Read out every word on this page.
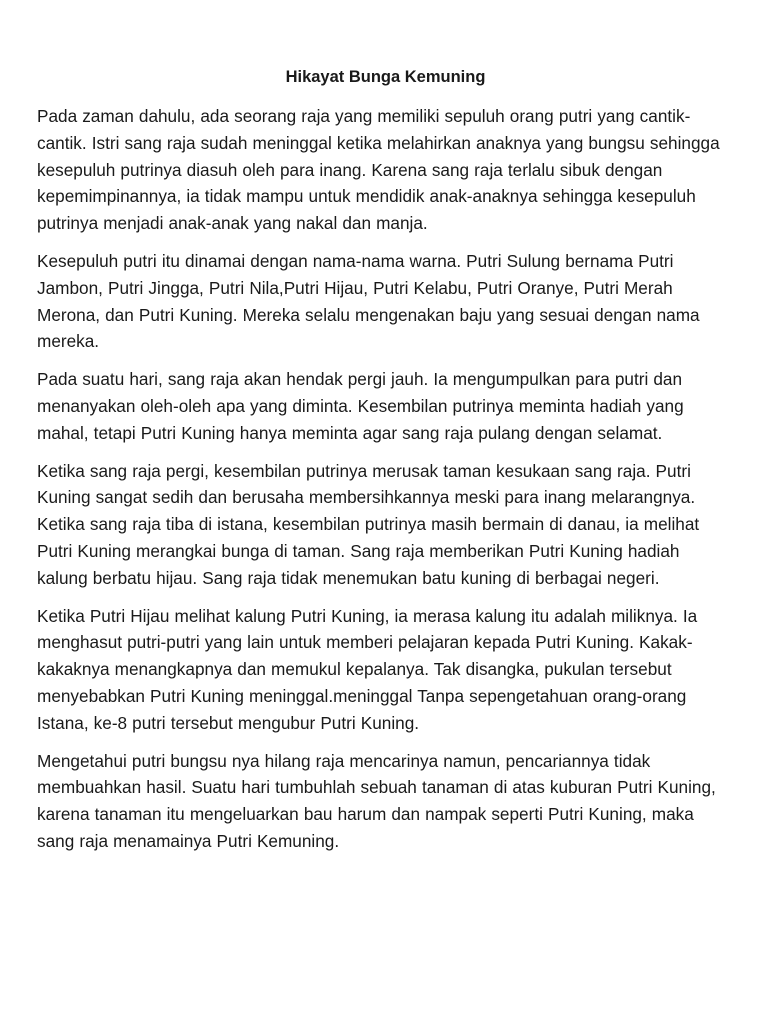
Hikayat Bunga Kemuning

Pada zaman dahulu, ada seorang raja yang memiliki sepuluh orang putri yang cantik-cantik. Istri sang raja sudah meninggal ketika melahirkan anaknya yang bungsu sehingga kesepuluh putrinya diasuh oleh para inang. Karena sang raja terlalu sibuk dengan kepemimpinannya, ia tidak mampu untuk mendidik anak-anaknya sehingga kesepuluh putrinya menjadi anak-anak yang nakal dan manja.

Kesepuluh putri itu dinamai dengan nama-nama warna. Putri Sulung bernama Putri Jambon, Putri Jingga, Putri Nila,Putri Hijau, Putri Kelabu, Putri Oranye, Putri Merah Merona, dan Putri Kuning. Mereka selalu mengenakan baju yang sesuai dengan nama mereka.

Pada suatu hari, sang raja akan hendak pergi jauh. Ia mengumpulkan para putri dan menanyakan oleh-oleh apa yang diminta. Kesembilan putrinya meminta hadiah yang mahal, tetapi Putri Kuning hanya meminta agar sang raja pulang dengan selamat.

Ketika sang raja pergi, kesembilan putrinya merusak taman kesukaan sang raja. Putri Kuning sangat sedih dan berusaha membersihkannya meski para inang melarangnya. Ketika sang raja tiba di istana, kesembilan putrinya masih bermain di danau, ia melihat Putri Kuning merangkai bunga di taman. Sang raja memberikan Putri Kuning hadiah kalung berbatu hijau. Sang raja tidak menemukan batu kuning di berbagai negeri.

Ketika Putri Hijau melihat kalung Putri Kuning, ia merasa kalung itu adalah miliknya. Ia menghasut putri-putri yang lain untuk memberi pelajaran kepada Putri Kuning. Kakak-kakaknya menangkapnya dan memukul kepalanya. Tak disangka, pukulan tersebut menyebabkan Putri Kuning meninggal.meninggal Tanpa sepengetahuan orang-orang Istana, ke-8 putri tersebut mengubur Putri Kuning.

Mengetahui putri bungsu nya hilang raja mencarinya namun, pencariannya tidak membuahkan hasil. Suatu hari tumbuhlah sebuah tanaman di atas kuburan Putri Kuning, karena tanaman itu mengeluarkan bau harum dan nampak seperti Putri Kuning, maka sang raja menamainya Putri Kemuning.
